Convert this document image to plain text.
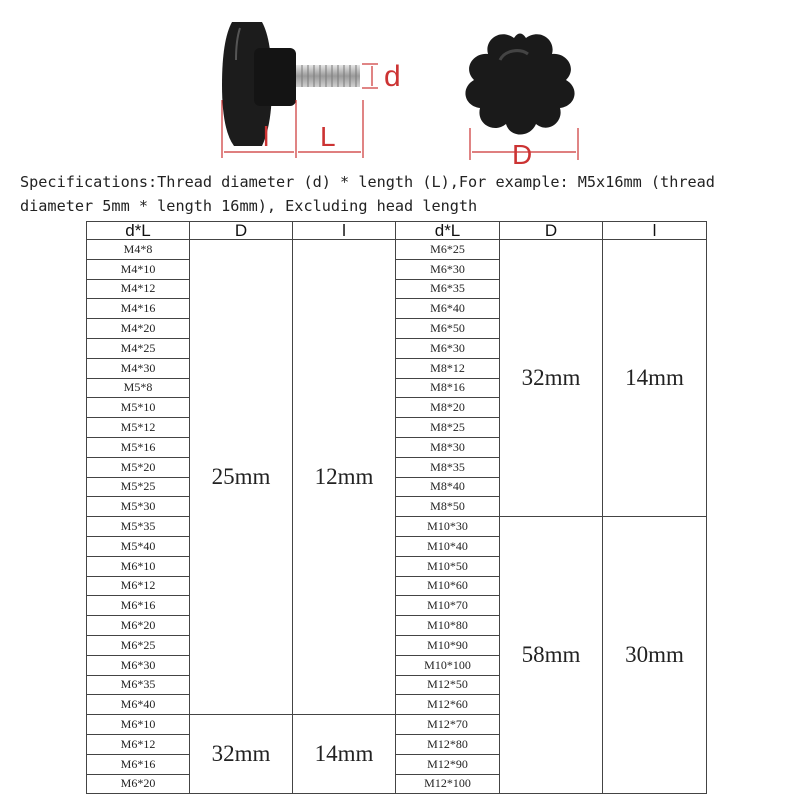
d
l L
D

Specifications:Thread diameter (d) * length (L),For example: M5x16mm (thread diameter 5mm * length 16mm), Excluding head length

d*L	D	l	d*L	D	l
M4*8	25mm	12mm	M6*25	32mm	14mm
M4*10			M6*30		
M4*12			M6*35		
M4*16			M6*40		
M4*20			M6*50		
M4*25			M6*30		
M4*30			M8*12		
M5*8			M8*16		
M5*10			M8*20		
M5*12			M8*25		
M5*16			M8*30		
M5*20			M8*35		
M5*25			M8*40		
M5*30			M8*50		
M5*35			M10*30	58mm	30mm
M5*40			M10*40		
M6*10			M10*50		
M6*12			M10*60		
M6*16			M10*70		
M6*20			M10*80		
M6*25			M10*90		
M6*30			M10*100		
M6*35			M12*50		
M6*40			M12*60		
M6*10	32mm	14mm	M12*70		
M6*12			M12*80		
M6*16			M12*90		
M6*20			M12*100		
